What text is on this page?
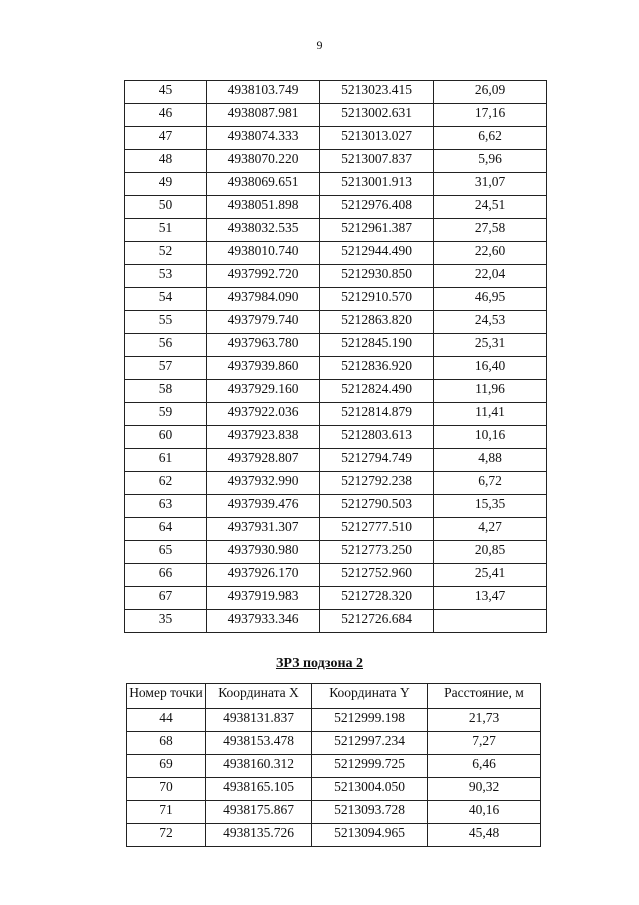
9
45	4938103.749	5213023.415	26,09
46	4938087.981	5213002.631	17,16
47	4938074.333	5213013.027	6,62
48	4938070.220	5213007.837	5,96
49	4938069.651	5213001.913	31,07
50	4938051.898	5212976.408	24,51
51	4938032.535	5212961.387	27,58
52	4938010.740	5212944.490	22,60
53	4937992.720	5212930.850	22,04
54	4937984.090	5212910.570	46,95
55	4937979.740	5212863.820	24,53
56	4937963.780	5212845.190	25,31
57	4937939.860	5212836.920	16,40
58	4937929.160	5212824.490	11,96
59	4937922.036	5212814.879	11,41
60	4937923.838	5212803.613	10,16
61	4937928.807	5212794.749	4,88
62	4937932.990	5212792.238	6,72
63	4937939.476	5212790.503	15,35
64	4937931.307	5212777.510	4,27
65	4937930.980	5212773.250	20,85
66	4937926.170	5212752.960	25,41
67	4937919.983	5212728.320	13,47
35	4937933.346	5212726.684	
ЗРЗ подзона 2
Номер точки	Координата X	Координата Y	Расстояние, м
44	4938131.837	5212999.198	21,73
68	4938153.478	5212997.234	7,27
69	4938160.312	5212999.725	6,46
70	4938165.105	5213004.050	90,32
71	4938175.867	5213093.728	40,16
72	4938135.726	5213094.965	45,48
